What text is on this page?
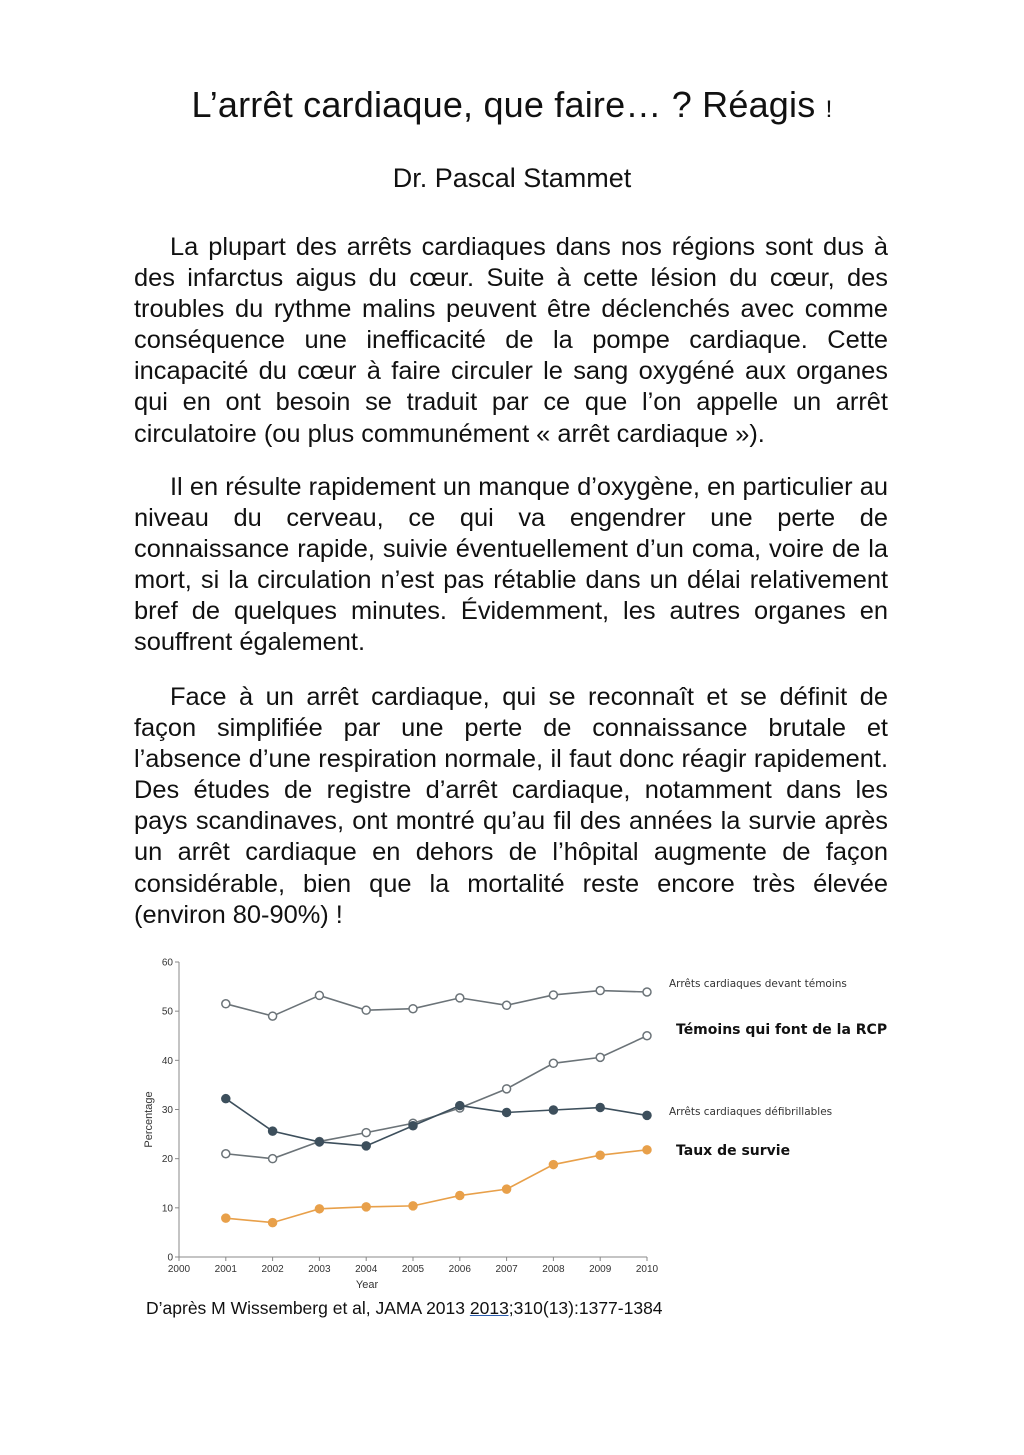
L’arrêt cardiaque, que faire… ? Réagis !
Dr. Pascal Stammet

La plupart des arrêts cardiaques dans nos régions sont dus à des infarctus aigus du cœur. Suite à cette lésion du cœur, des troubles du rythme malins peuvent être déclenchés avec comme conséquence une inefficacité de la pompe cardiaque. Cette incapacité du cœur à faire circuler le sang oxygéné aux organes qui en ont besoin se traduit par ce que l’on appelle un arrêt circulatoire (ou plus communément « arrêt cardiaque »).

Il en résulte rapidement un manque d’oxygène, en particulier au niveau du cerveau, ce qui va engendrer une perte de connaissance rapide, suivie éventuellement d’un coma, voire de la mort, si la circulation n’est pas rétablie dans un délai relativement bref de quelques minutes. Évidemment, les autres organes en souffrent également.

Face à un arrêt cardiaque, qui se reconnaît et se définit de façon simplifiée par une perte de connaissance brutale et l’absence d’une respiration normale, il faut donc réagir rapidement. Des études de registre d’arrêt cardiaque, notamment dans les pays scandinaves, ont montré qu’au fil des années la survie après un arrêt cardiaque en dehors de l’hôpital augmente de façon considérable, bien que la mortalité reste encore très élevée (environ 80-90%) !

0
10
20
30
40
50
60
2000 2001 2002 2003 2004 2005 2006 2007 2008 2009 2010
Year
Percentage
Arrêts cardiaques devant témoins
Témoins qui font de la RCP
Arrêts cardiaques défibrillables
Taux de survie
D’après M Wissemberg et al, JAMA 2013 2013;310(13):1377-1384
